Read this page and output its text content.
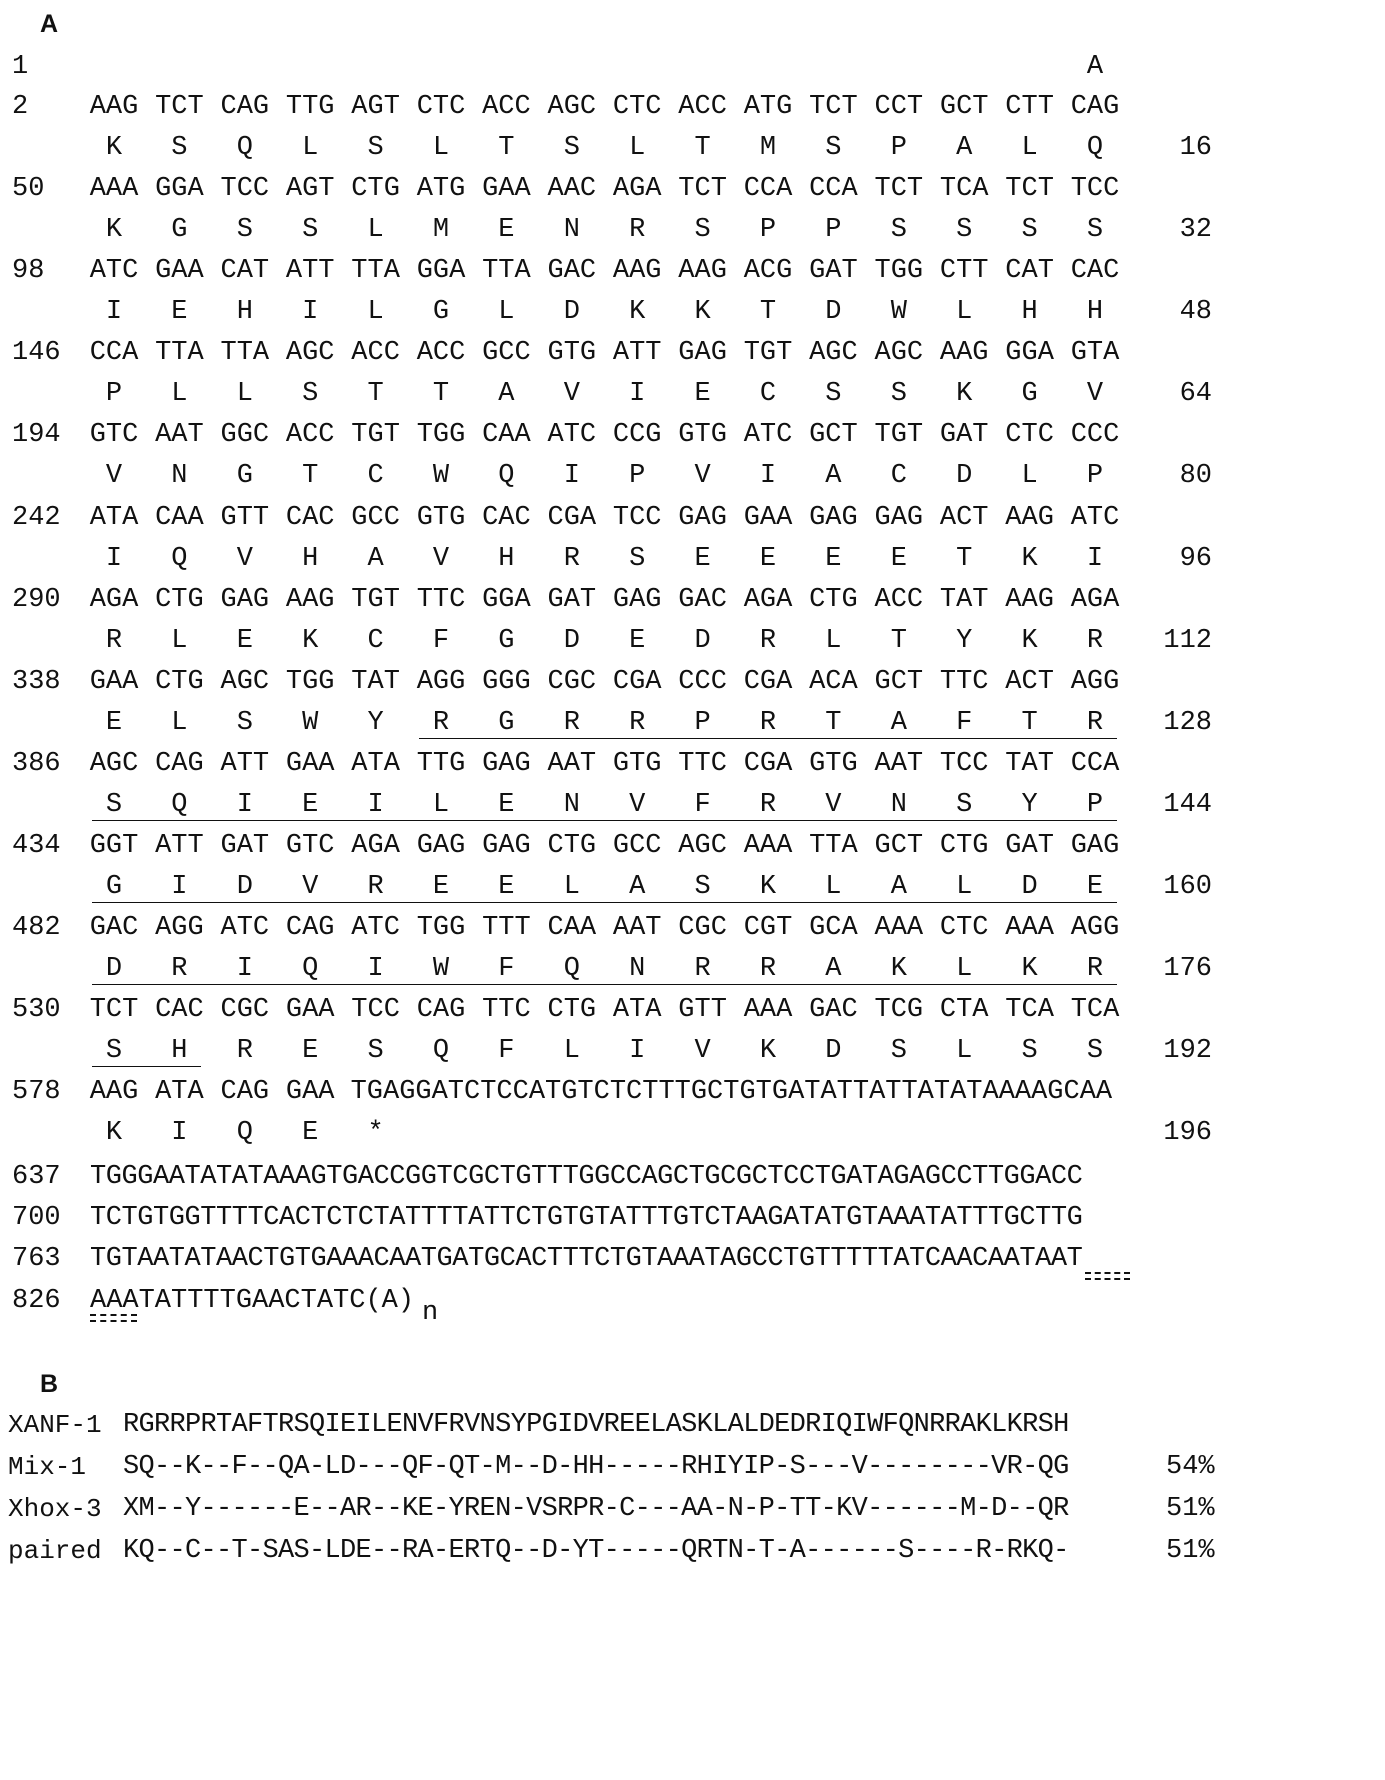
A
1	A
2 AAG TCT CAG TTG AGT CTC ACC AGC CTC ACC ATG TCT CCT GCT CTT CAG
K S Q L S L T S L T M S P A L Q	16
50 AAA GGA TCC AGT CTG ATG GAA AAC AGA TCT CCA CCA TCT TCA TCT TCC
K G S S L M E N R S P P S S S S	32
98 ATC GAA CAT ATT TTA GGA TTA GAC AAG AAG ACG GAT TGG CTT CAT CAC
I E H I L G L D K K T D W L H H	48
146 CCA TTA TTA AGC ACC ACC GCC GTG ATT GAG TGT AGC AGC AAG GGA GTA
P L L S T T A V I E C S S K G V	64
194 GTC AAT GGC ACC TGT TGG CAA ATC CCG GTG ATC GCT TGT GAT CTC CCC
V N G T C W Q I P V I A C D L P	80
242 ATA CAA GTT CAC GCC GTG CAC CGA TCC GAG GAA GAG GAG ACT AAG ATC
I Q V H A V H R S E E E E T K I	96
290 AGA CTG GAG AAG TGT TTC GGA GAT GAG GAC AGA CTG ACC TAT AAG AGA
R L E K C F G D E D R L T Y K R 112
338 GAA CTG AGC TGG TAT AGG GGG CGC CGA CCC CGA ACA GCT TTC ACT AGG
E L S W Y R G R R P R T A F T R 128
386 AGC CAG ATT GAA ATA TTG GAG AAT GTG TTC CGA GTG AAT TCC TAT CCA
S Q I E I L E N V F R V N S Y P 144
434 GGT ATT GAT GTC AGA GAG GAG CTG GCC AGC AAA TTA GCT CTG GAT GAG
G I D V R E E L A S K L A L D E 160
482 GAC AGG ATC CAG ATC TGG TTT CAA AAT CGC CGT GCA AAA CTC AAA AGG
D R I Q I W F Q N R R A K L K R 176
530 TCT CAC CGC GAA TCC CAG TTC CTG ATA GTT AAA GAC TCG CTA TCA TCA
S H R E S Q F L I V K D S L S S 192
578 AAG ATA CAG GAA TGAGGATCTCCATGTCTCTTTGCTGTGATATTATTATATAAAAGCAA
K I Q E *	196
637 TGGGAATATATAAAGTGACCGGTCGCTGTTTGGCCAGCTGCGCTCCTGATAGAGCCTTGGACC
700 TCTGTGGTTTTCACTCTCTATTTTATTCTGTGTATTTGTCTAAGATATGTAAATATTTGCTTG
763 TGTAATATAACTGTGAAACAATGATGCACTTTCTGTAAATAGCCTGTTTTTATCAACAATAAT
826 AAATATTTTGAACTATC(A) n
B
XANF-1 RGRRPRTAFTRSQIEILENVFRVNSYPGIDVREELASKLALDEDRIQIWFQNRRAKLKRSH
Mix-1 SQ--K--F--QA-LD---QF-QT-M--D-HH-----RHIYIP-S---V--------VR-QG	54%
Xhox-3 XM--Y------E--AR--KE-YREN-VSRPR-C---AA-N-P-TT-KV------M-D--QR	51%
paired KQ--C--T-SAS-LDE--RA-ERTQ--D-YT-----QRTN-T-A------S----R-RKQ-	51%
